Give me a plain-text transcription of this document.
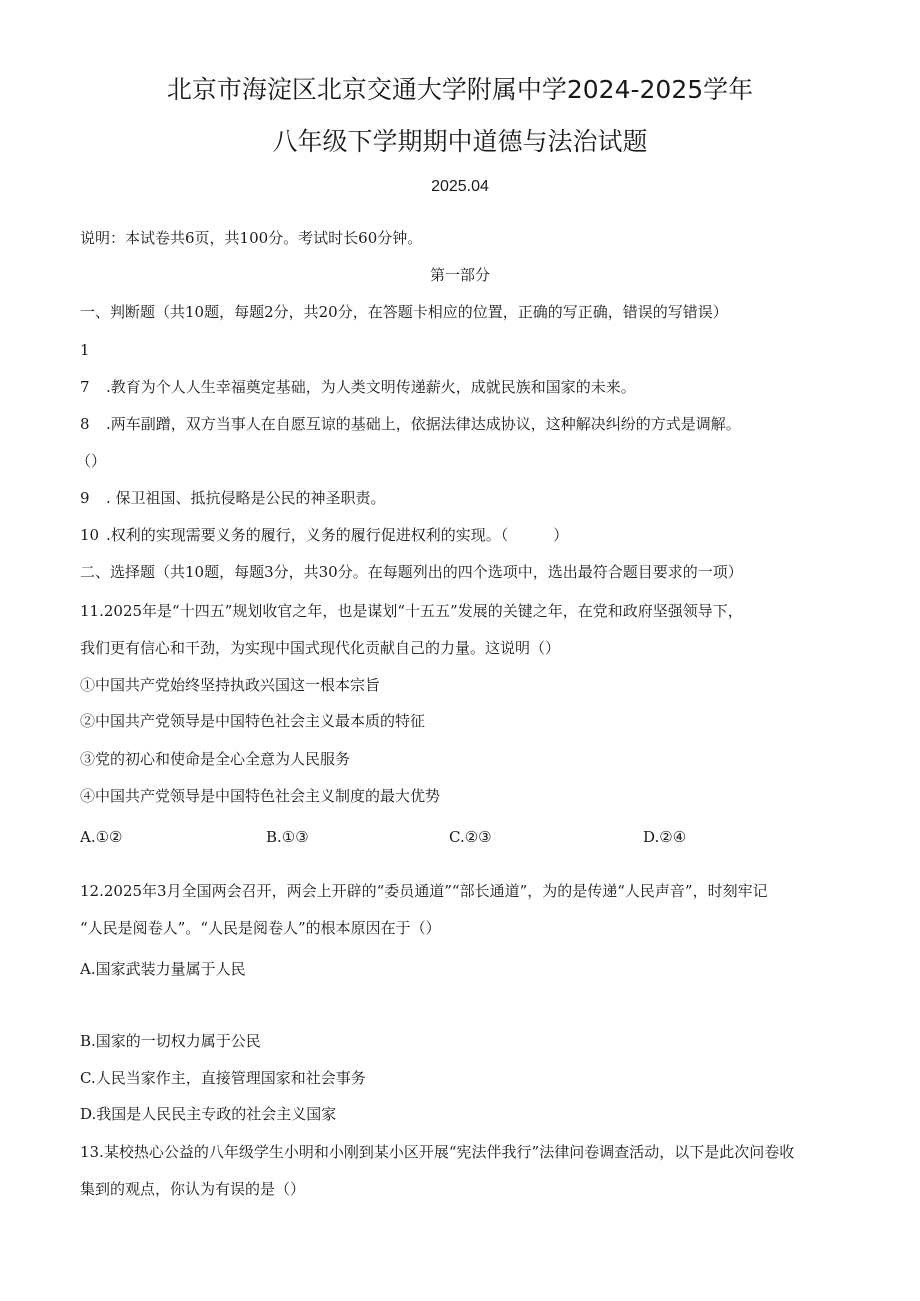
北京市海淀区北京交通大学附属中学2024-2025学年
八年级下学期期中道德与法治试题
2025.04
说明：本试卷共6页，共100分。考试时长60分钟。
第一部分
一、判断题（共10题，每题2分，共20分，在答题卡相应的位置，正确的写正确，错误的写错误）
1
7 .教育为个人人生幸福奠定基础，为人类文明传递薪火，成就民族和国家的未来。
8 .两车副蹭，双方当事人在自愿互谅的基础上，依据法律达成协议，这种解决纠纷的方式是调解。
（）
9 . 保卫祖国、抵抗侵略是公民的神圣职责。
10 .权利的实现需要义务的履行，义务的履行促进权利的实现。（　　　）
二、选择题（共10题，每题3分，共30分。在每题列出的四个选项中，选出最符合题目要求的一项）
11.2025年是“十四五”规划收官之年，也是谋划“十五五”发展的关键之年，在党和政府坚强领导下，
我们更有信心和干劲，为实现中国式现代化贡献自己的力量。这说明（）
①中国共产党始终坚持执政兴国这一根本宗旨
②中国共产党领导是中国特色社会主义最本质的特征
③党的初心和使命是全心全意为人民服务
④中国共产党领导是中国特色社会主义制度的最大优势
A.①②	B.①③	C.②③	D.②④
12.2025年3月全国两会召开，两会上开辟的“委员通道”“部长通道”，为的是传递“人民声音”，时刻牢记
“人民是阅卷人”。“人民是阅卷人”的根本原因在于（）
A.国家武装力量属于人民
B.国家的一切权力属于公民
C.人民当家作主，直接管理国家和社会事务
D.我国是人民民主专政的社会主义国家
13.某校热心公益的八年级学生小明和小刚到某小区开展“宪法伴我行”法律问卷调查活动，以下是此次问卷收
集到的观点，你认为有误的是（）
